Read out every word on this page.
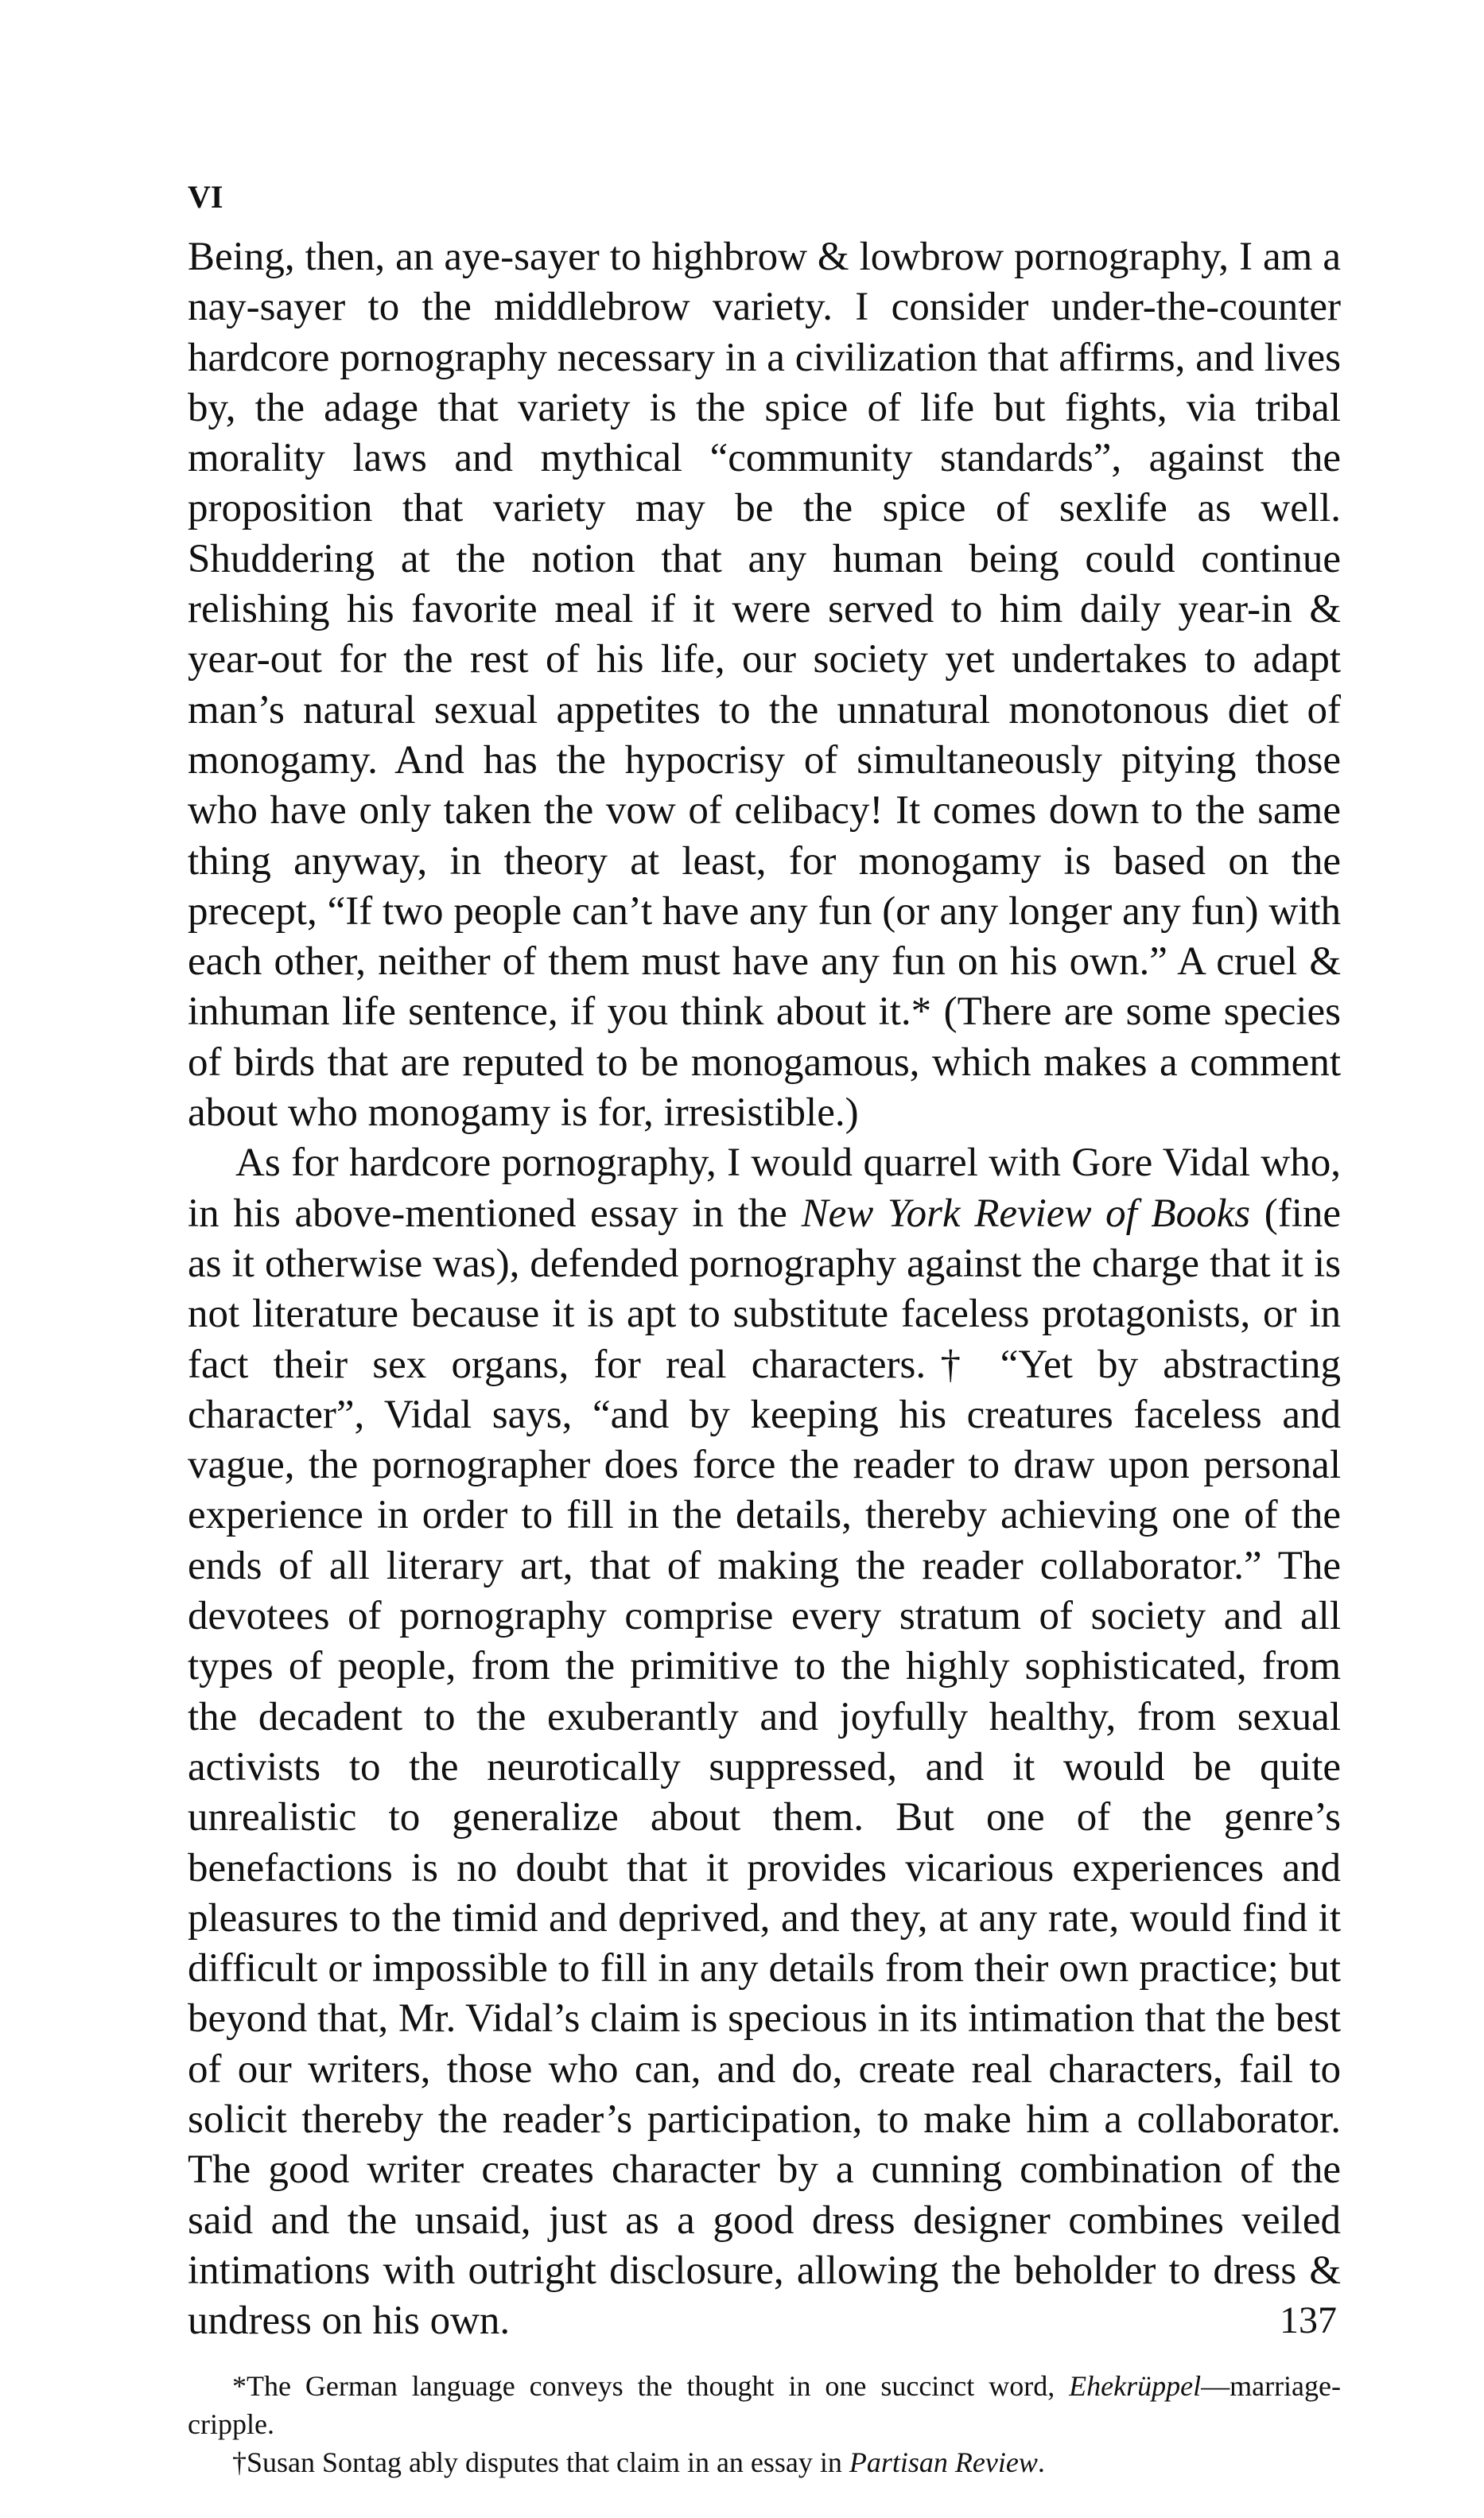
VI

Being, then, an aye-sayer to highbrow & lowbrow pornography, I am a nay-sayer to the middlebrow variety. I consider under-the-counter hardcore pornography necessary in a civilization that affirms, and lives by, the adage that variety is the spice of life but fights, via tribal morality laws and mythical “community standards”, against the proposition that variety may be the spice of sexlife as well. Shuddering at the notion that any human being could continue relishing his favorite meal if it were served to him daily year-in & year-out for the rest of his life, our society yet undertakes to adapt man’s natural sexual appetites to the unnatural monotonous diet of monogamy. And has the hypocrisy of simultaneously pitying those who have only taken the vow of celibacy! It comes down to the same thing anyway, in theory at least, for monogamy is based on the precept, “If two people can’t have any fun (or any longer any fun) with each other, neither of them must have any fun on his own.” A cruel & inhuman life sentence, if you think about it.* (There are some species of birds that are reputed to be monogamous, which makes a comment about who monogamy is for, irresistible.)

As for hardcore pornography, I would quarrel with Gore Vidal who, in his above-mentioned essay in the New York Review of Books (fine as it otherwise was), defended pornography against the charge that it is not literature because it is apt to substitute faceless protagonists, or in fact their sex organs, for real characters.† “Yet by abstracting character”, Vidal says, “and by keeping his creatures faceless and vague, the pornographer does force the reader to draw upon personal experience in order to fill in the details, thereby achieving one of the ends of all literary art, that of making the reader collaborator.” The devotees of pornography comprise every stratum of society and all types of people, from the primitive to the highly sophisticated, from the decadent to the exuberantly and joyfully healthy, from sexual activists to the neurotically suppressed, and it would be quite unrealistic to generalize about them. But one of the genre’s benefactions is no doubt that it provides vicarious experiences and pleasures to the timid and deprived, and they, at any rate, would find it difficult or impossible to fill in any details from their own practice; but beyond that, Mr. Vidal’s claim is specious in its intimation that the best of our writers, those who can, and do, create real characters, fail to solicit thereby the reader’s participation, to make him a collaborator. The good writer creates character by a cunning combination of the said and the unsaid, just as a good dress designer combines veiled intimations with outright disclosure, allowing the beholder to dress & undress on his own.

*The German language conveys the thought in one succinct word, Ehekrüppel—marriage-cripple.

†Susan Sontag ably disputes that claim in an essay in Partisan Review.

137
